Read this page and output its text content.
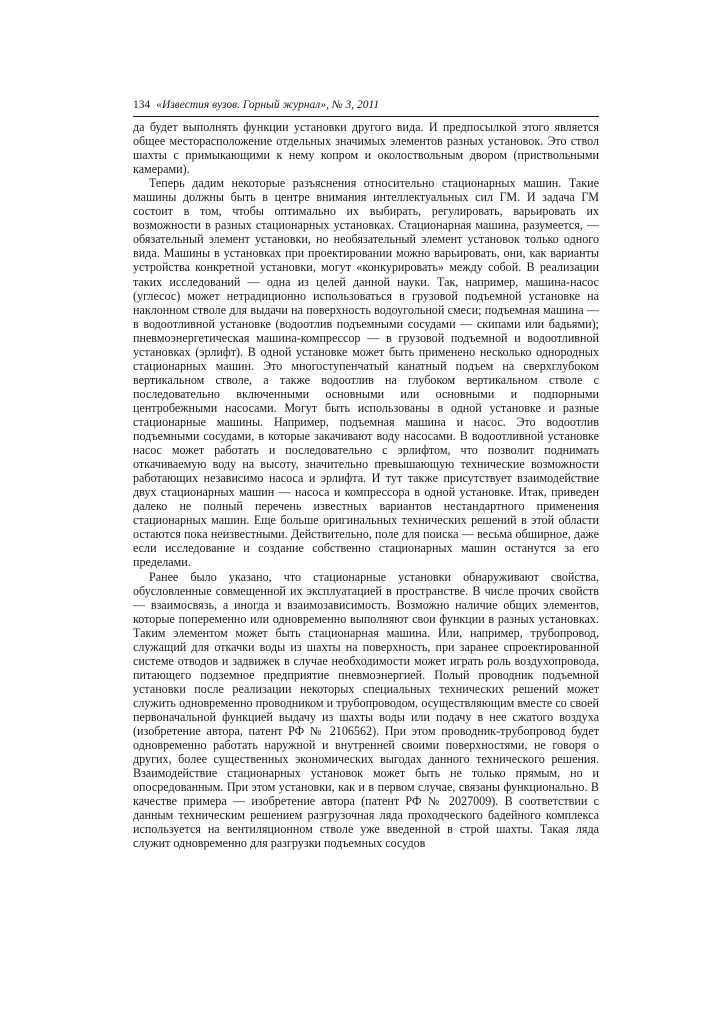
134 «Известия вузов. Горный журнал», № 3, 2011

да будет выполнять функции установки другого вида. И предпосылкой этого является общее месторасположение отдельных значимых элементов разных установок. Это ствол шахты с примыкающими к нему копром и околоствольным двором (приствольными камерами).

Теперь дадим некоторые разъяснения относительно стационарных машин. Такие машины должны быть в центре внимания интеллектуальных сил ГМ. И задача ГМ состоит в том, чтобы оптимально их выбирать, регулировать, варьировать их возможности в разных стационарных установках. Стационарная машина, разумеется, — обязательный элемент установки, но необязательный элемент установок только одного вида. Машины в установках при проектировании можно варьировать, они, как варианты устройства конкретной установки, могут «конкурировать» между собой. В реализации таких исследований — одна из целей данной науки. Так, например, машина-насос (углесос) может нетрадиционно использоваться в грузовой подъемной установке на наклонном стволе для выдачи на поверхность водоугольной смеси; подъемная машина — в водоотливной установке (водоотлив подъемными сосудами — скипами или бадьями); пневмоэнергетическая машина-компрессор — в грузовой подъемной и водоотливной установках (эрлифт). В одной установке может быть применено несколько однородных стационарных машин. Это многоступенчатый канатный подъем на сверхглубоком вертикальном стволе, а также водоотлив на глубоком вертикальном стволе с последовательно включенными основными или основными и подпорными центробежными насосами. Могут быть использованы в одной установке и разные стационарные машины. Например, подъемная машина и насос. Это водоотлив подъемными сосудами, в которые закачивают воду насосами. В водоотливной установке насос может работать и последовательно с эрлифтом, что позволит поднимать откачиваемую воду на высоту, значительно превышающую технические возможности работающих независимо насоса и эрлифта. И тут также присутствует взаимодействие двух стационарных машин — насоса и компрессора в одной установке. Итак, приведен далеко не полный перечень известных вариантов нестандартного применения стационарных машин. Еще больше оригинальных технических решений в этой области остаются пока неизвестными. Действительно, поле для поиска — весьма обширное, даже если исследование и создание собственно стационарных машин останутся за его пределами.

Ранее было указано, что стационарные установки обнаруживают свойства, обусловленные совмещенной их эксплуатацией в пространстве. В числе прочих свойств — взаимосвязь, а иногда и взаимозависимость. Возможно наличие общих элементов, которые попеременно или одновременно выполняют свои функции в разных установках. Таким элементом может быть стационарная машина. Или, например, трубопровод, служащий для откачки воды из шахты на поверхность, при заранее спроектированной системе отводов и задвижек в случае необходимости может играть роль воздухопровода, питающего подземное предприятие пневмоэнергией. Полый проводник подъемной установки после реализации некоторых специальных технических решений может служить одновременно проводником и трубопроводом, осуществляющим вместе со своей первоначальной функцией выдачу из шахты воды или подачу в нее сжатого воздуха (изобретение автора, патент РФ № 2106562). При этом проводник-трубопровод будет одновременно работать наружной и внутренней своими поверхностями, не говоря о других, более существенных экономических выгодах данного технического решения. Взаимодействие стационарных установок может быть не только прямым, но и опосредованным. При этом установки, как и в первом случае, связаны функционально. В качестве примера — изобретение автора (патент РФ № 2027009). В соответствии с данным техническим решением разгрузочная ляда проходческого бадейного комплекса используется на вентиляционном стволе уже введенной в строй шахты. Такая ляда служит одновременно для разгрузки подъемных сосудов
